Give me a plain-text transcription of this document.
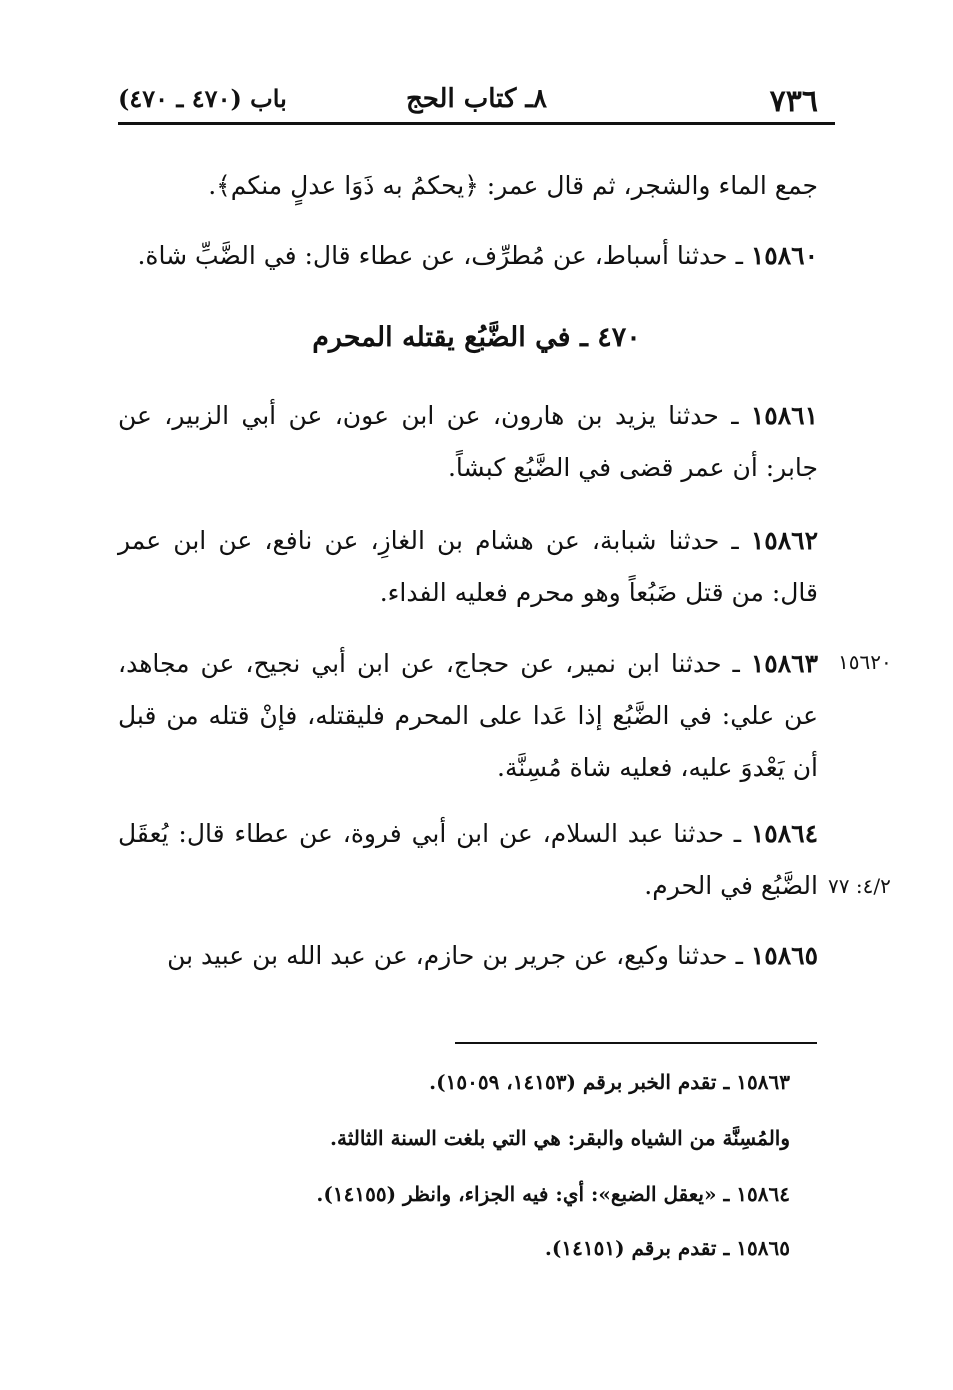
٧٣٦
٨ـ كتاب الحج
باب (٤٧٠ ـ ٤٧٠)
جمع الماء والشجر، ثم قال عمر: ﴿يحكمُ به ذَوَا عدلٍ منكم﴾.
١٥٨٦٠ ـ حدثنا أسباط، عن مُطرِّف، عن عطاء قال: في الضَّبِّ شاة.
٤٧٠ ـ في الضَّبُع يقتله المحرم
١٥٨٦١ ـ حدثنا يزيد بن هارون، عن ابن عون، عن أبي الزبير، عن جابر: أن عمر قضى في الضَّبُع كبشاً.
١٥٨٦٢ ـ حدثنا شبابة، عن هشام بن الغازِ، عن نافع، عن ابن عمر قال: من قتل ضَبُعاً وهو محرم فعليه الفداء.
١٥٨٦٣ ـ حدثنا ابن نمير، عن حجاج، عن ابن أبي نجيح، عن مجاهد، عن علي: في الضَّبُع إذا عَدا على المحرم فليقتله، فإنْ قتله من قبل أن يَعْدوَ عليه، فعليه شاة مُسِنَّة.
١٥٨٦٤ ـ حدثنا عبد السلام، عن ابن أبي فروة، عن عطاء قال: يُعقَل الضَّبُع في الحرم.
١٥٨٦٥ ـ حدثنا وكيع، عن جرير بن حازم، عن عبد الله بن عبيد بن
١٥٦٢٠
٤/٢: ٧٧
١٥٨٦٣ ـ تقدم الخبر برقم (١٤١٥٣، ١٥٠٥٩).
والمُسِنَّة من الشياه والبقر: هي التي بلغت السنة الثالثة.
١٥٨٦٤ ـ «يعقل الضبع»: أي: فيه الجزاء، وانظر (١٤١٥٥).
١٥٨٦٥ ـ تقدم برقم (١٤١٥١).
